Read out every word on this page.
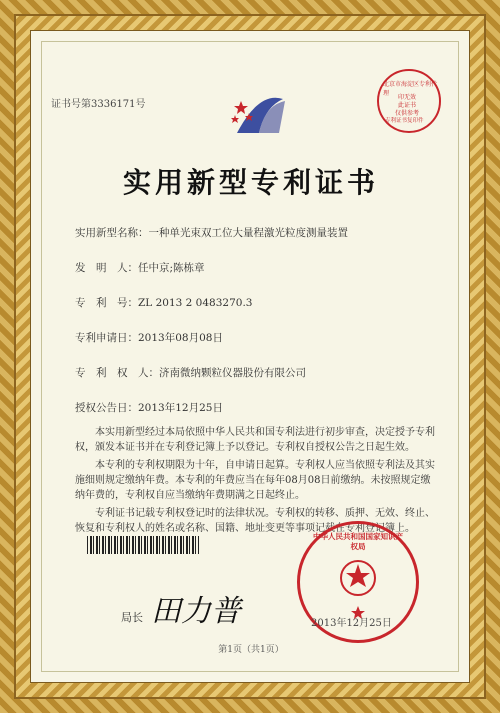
证书号第3336171号
北京市海淀区专利代理
印无效
此证书
仅供参考
专利证书复印件
实用新型专利证书
实用新型名称：一种单光束双工位大量程激光粒度测量装置
发　明　人：任中京;陈栋章
专　利　号：ZL 2013 2 0483270.3
专利申请日：2013年08月08日
专　利　权　人：济南微纳颗粒仪器股份有限公司
授权公告日：2013年12月25日

本实用新型经过本局依照中华人民共和国专利法进行初步审查，决定授予专利权，颁发本证书并在专利登记簿上予以登记。专利权自授权公告之日起生效。

本专利的专利权期限为十年，自申请日起算。专利权人应当依照专利法及其实施细则规定缴纳年费。本专利的年费应当在每年08月08日前缴纳。未按照规定缴纳年费的，专利权自应当缴纳年费期满之日起终止。

专利证书记载专利权登记时的法律状况。专利权的转移、质押、无效、终止、恢复和专利权人的姓名或名称、国籍、地址变更等事项记载在专利登记簿上。

局长 田力普
中华人民共和国国家知识产权局
2013年12月25日
第1页（共1页）
